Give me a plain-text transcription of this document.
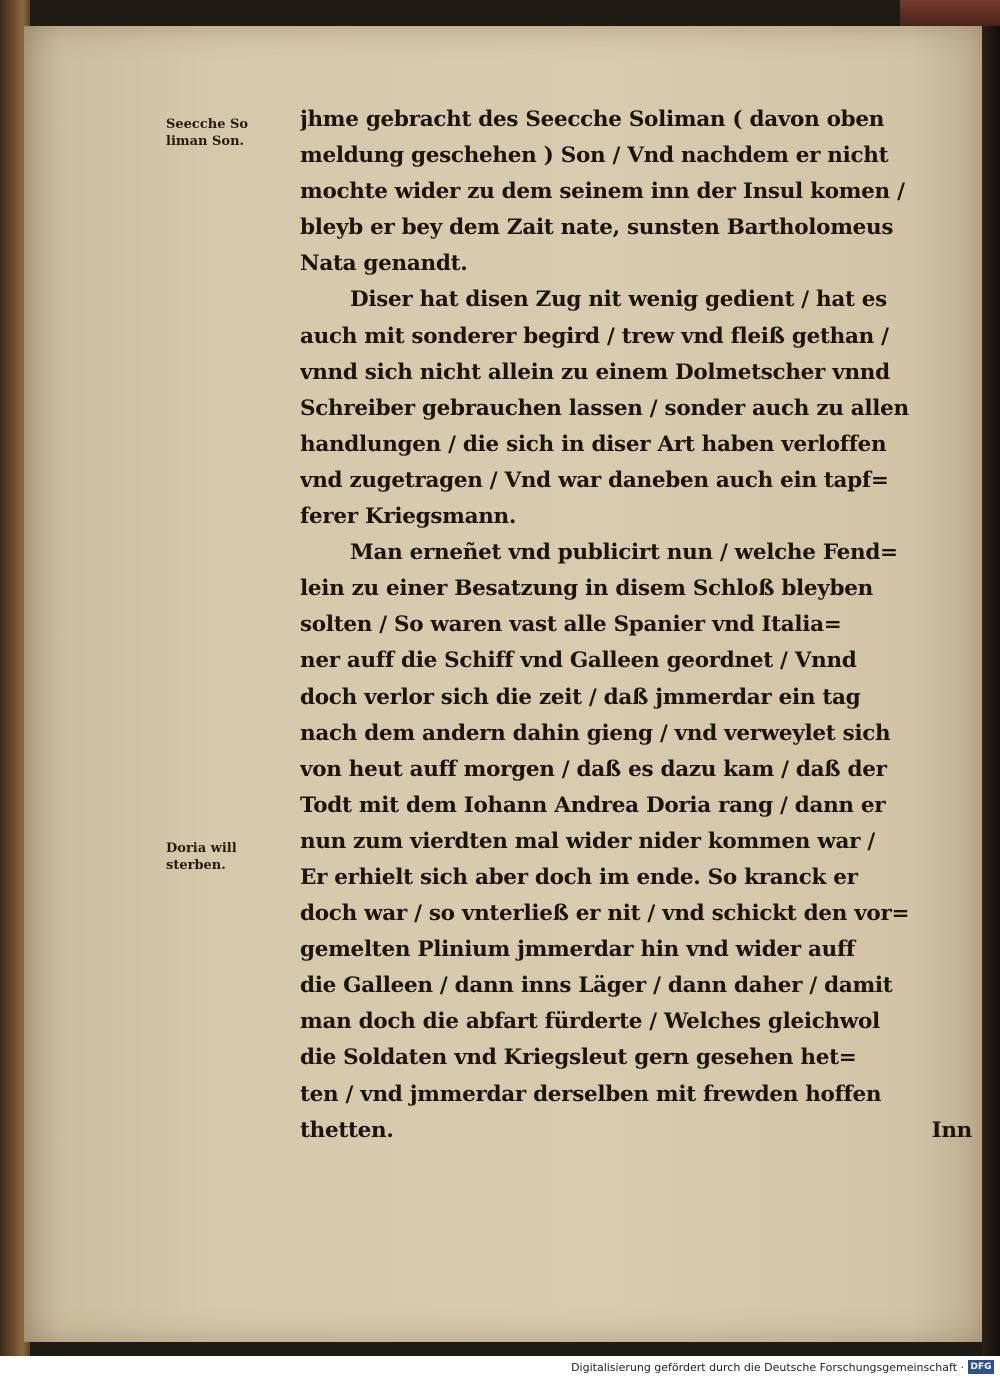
Seecche So
liman Son.
Doria will
sterben.
jhme gebracht des Seecche Soliman ( davon oben
meldung geschehen ) Son / Vnd nachdem er nicht
mochte wider zu dem seinem inn der Insul komen /
bleyb er bey dem Zait nate, sunsten Bartholomeus
Nata genandt.
Diser hat disen Zug nit wenig gedient / hat es
auch mit sonderer begird / trew vnd fleiß gethan /
vnnd sich nicht allein zu einem Dolmetscher vnnd
Schreiber gebrauchen lassen / sonder auch zu allen
handlungen / die sich in diser Art haben verloffen
vnd zugetragen / Vnd war daneben auch ein tapf=
ferer Kriegsmann.
Man erneñet vnd publicirt nun / welche Fend=
lein zu einer Besatzung in disem Schloß bleyben
solten / So waren vast alle Spanier vnd Italia=
ner auff die Schiff vnd Galleen geordnet / Vnnd
doch verlor sich die zeit / daß jmmerdar ein tag
nach dem andern dahin gieng / vnd verweylet sich
von heut auff morgen / daß es dazu kam / daß der
Todt mit dem Iohann Andrea Doria rang / dann er
nun zum vierdten mal wider nider kommen war /
Er erhielt sich aber doch im ende. So kranck er
doch war / so vnterließ er nit / vnd schickt den vor=
gemelten Plinium jmmerdar hin vnd wider auff
die Galleen / dann inns Läger / dann daher / damit
man doch die abfart fürderte / Welches gleichwol
die Soldaten vnd Kriegsleut gern gesehen het=
ten / vnd jmmerdar derselben mit frewden hoffen
thetten.	Inn
Digitalisierung gefördert durch die Deutsche Forschungsgemeinschaft · DFG
